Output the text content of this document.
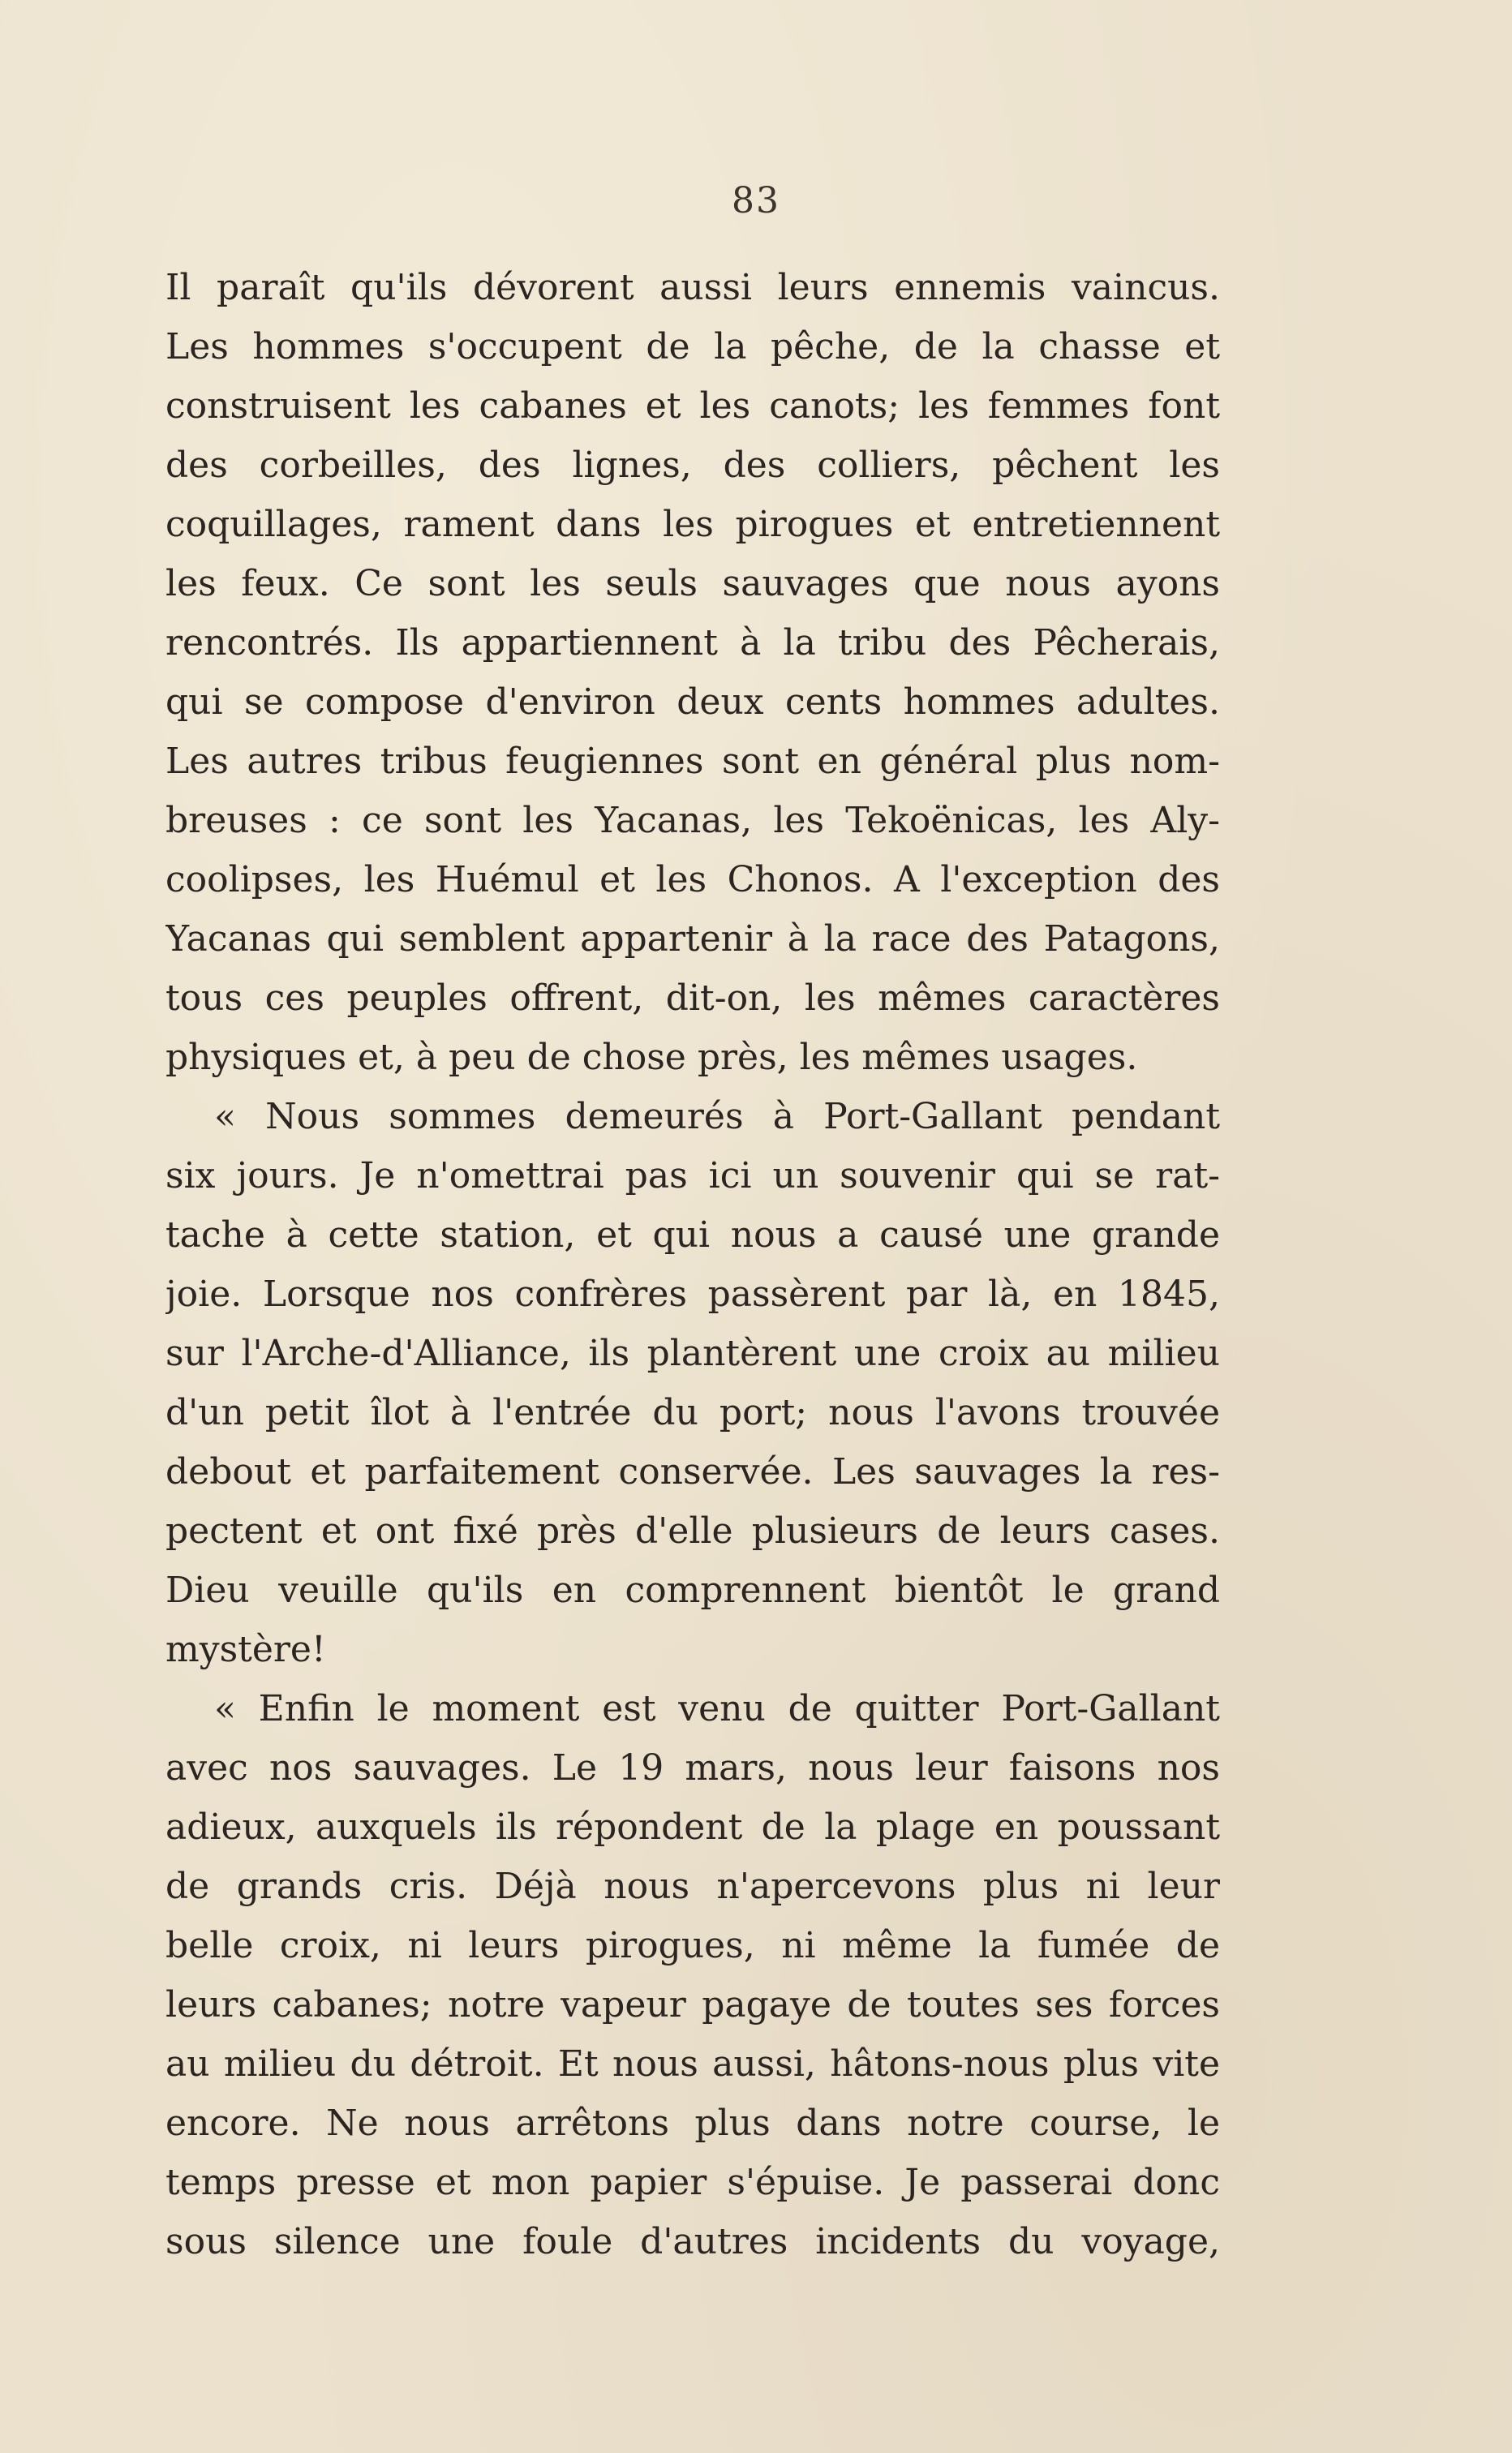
83
Il paraît qu'ils dévorent aussi leurs ennemis vaincus.
Les hommes s'occupent de la pêche, de la chasse et
construisent les cabanes et les canots; les femmes font
des corbeilles, des lignes, des colliers, pêchent les
coquillages, rament dans les pirogues et entretiennent
les feux. Ce sont les seuls sauvages que nous ayons
rencontrés. Ils appartiennent à la tribu des Pêcherais,
qui se compose d'environ deux cents hommes adultes.
Les autres tribus feugiennes sont en général plus nom-
breuses : ce sont les Yacanas, les Tekoënicas, les Aly-
coolipses, les Huémul et les Chonos. A l'exception des
Yacanas qui semblent appartenir à la race des Patagons,
tous ces peuples offrent, dit-on, les mêmes caractères
physiques et, à peu de chose près, les mêmes usages.
« Nous sommes demeurés à Port-Gallant pendant
six jours. Je n'omettrai pas ici un souvenir qui se rat-
tache à cette station, et qui nous a causé une grande
joie. Lorsque nos confrères passèrent par là, en 1845,
sur l'Arche-d'Alliance, ils plantèrent une croix au milieu
d'un petit îlot à l'entrée du port; nous l'avons trouvée
debout et parfaitement conservée. Les sauvages la res-
pectent et ont fixé près d'elle plusieurs de leurs cases.
Dieu veuille qu'ils en comprennent bientôt le grand
mystère!
« Enfin le moment est venu de quitter Port-Gallant
avec nos sauvages. Le 19 mars, nous leur faisons nos
adieux, auxquels ils répondent de la plage en poussant
de grands cris. Déjà nous n'apercevons plus ni leur
belle croix, ni leurs pirogues, ni même la fumée de
leurs cabanes; notre vapeur pagaye de toutes ses forces
au milieu du détroit. Et nous aussi, hâtons-nous plus vite
encore. Ne nous arrêtons plus dans notre course, le
temps presse et mon papier s'épuise. Je passerai donc
sous silence une foule d'autres incidents du voyage,
